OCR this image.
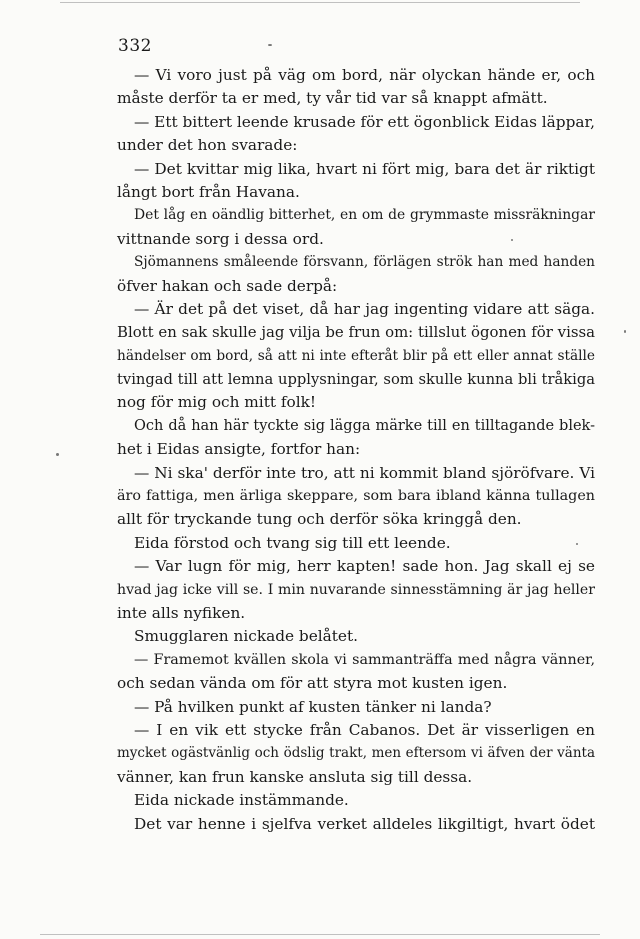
332
— Vi voro just på väg om bord, när olyckan hände er, och
måste derför ta er med, ty vår tid var så knappt afmätt.
— Ett bittert leende krusade för ett ögonblick Eidas läppar,
under det hon svarade:
— Det kvittar mig lika, hvart ni fört mig, bara det är riktigt
långt bort från Havana.
Det låg en oändlig bitterhet, en om de grymmaste missräkningar
vittnande sorg i dessa ord.
Sjömannens småleende försvann, förlägen strök han med handen
öfver hakan och sade derpå:
— Är det på det viset, då har jag ingenting vidare att säga.
Blott en sak skulle jag vilja be frun om: tillslut ögonen för vissa
händelser om bord, så att ni inte efteråt blir på ett eller annat ställe
tvingad till att lemna upplysningar, som skulle kunna bli tråkiga
nog för mig och mitt folk!
Och då han här tyckte sig lägga märke till en tilltagande blek-
het i Eidas ansigte, fortfor han:
— Ni ska' derför inte tro, att ni kommit bland sjöröfvare. Vi
äro fattiga, men ärliga skeppare, som bara ibland känna tullagen
allt för tryckande tung och derför söka kringgå den.
Eida förstod och tvang sig till ett leende.
— Var lugn för mig, herr kapten! sade hon. Jag skall ej se
hvad jag icke vill se. I min nuvarande sinnesstämning är jag heller
inte alls nyfiken.
Smugglaren nickade belåtet.
— Framemot kvällen skola vi sammanträffa med några vänner,
och sedan vända om för att styra mot kusten igen.
— På hvilken punkt af kusten tänker ni landa?
— I en vik ett stycke från Cabanos. Det är visserligen en
mycket ogästvänlig och ödslig trakt, men eftersom vi äfven der vänta
vänner, kan frun kanske ansluta sig till dessa.
Eida nickade instämmande.
Det var henne i sjelfva verket alldeles likgiltigt, hvart ödet
